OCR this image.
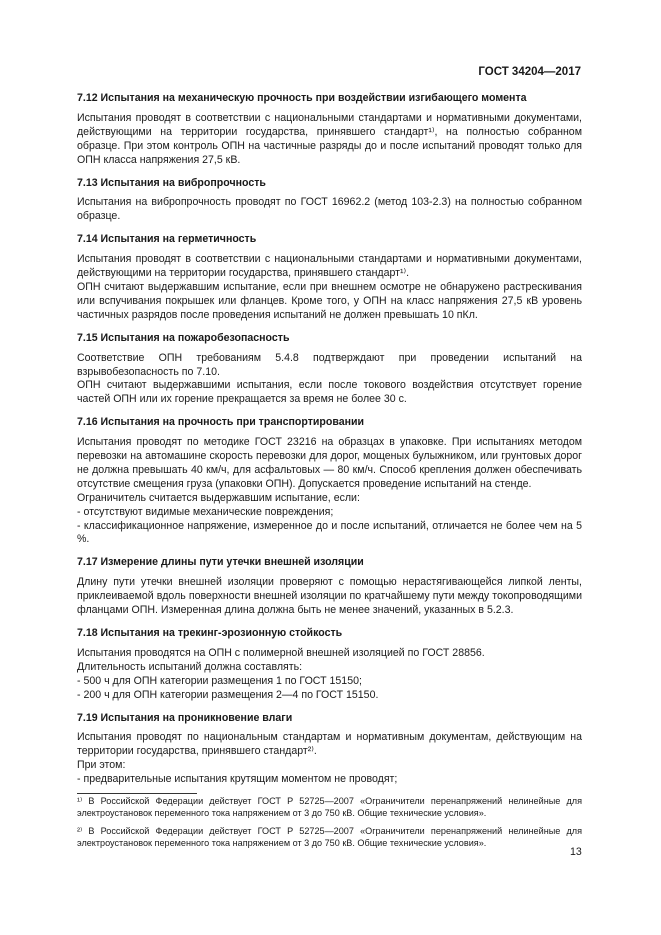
ГОСТ 34204—2017
7.12 Испытания на механическую прочность при воздействии изгибающего момента

Испытания проводят в соответствии с национальными стандартами и нормативными документами, действующими на территории государства, принявшего стандарт¹⁾, на полностью собранном образце. При этом контроль ОПН на частичные разряды до и после испытаний проводят только для ОПН класса напряжения 27,5 кВ.

7.13 Испытания на вибропрочность

Испытания на вибропрочность проводят по ГОСТ 16962.2 (метод 103-2.3) на полностью собранном образце.

7.14 Испытания на герметичность

Испытания проводят в соответствии с национальными стандартами и нормативными документами, действующими на территории государства, принявшего стандарт¹⁾.

ОПН считают выдержавшим испытание, если при внешнем осмотре не обнаружено растрескивания или вспучивания покрышек или фланцев. Кроме того, у ОПН на класс напряжения 27,5 кВ уровень частичных разрядов после проведения испытаний не должен превышать 10 пКл.

7.15 Испытания на пожаробезопасность

Соответствие ОПН требованиям 5.4.8 подтверждают при проведении испытаний на взрывобезопасность по 7.10.

ОПН считают выдержавшими испытания, если после токового воздействия отсутствует горение частей ОПН или их горение прекращается за время не более 30 с.

7.16 Испытания на прочность при транспортировании

Испытания проводят по методике ГОСТ 23216 на образцах в упаковке. При испытаниях методом перевозки на автомашине скорость перевозки для дорог, мощеных булыжником, или грунтовых дорог не должна превышать 40 км/ч, для асфальтовых — 80 км/ч. Способ крепления должен обеспечивать отсутствие смещения груза (упаковки ОПН). Допускается проведение испытаний на стенде.

Ограничитель считается выдержавшим испытание, если:

- отсутствуют видимые механические повреждения;

- классификационное напряжение, измеренное до и после испытаний, отличается не более чем на 5 %.

7.17 Измерение длины пути утечки внешней изоляции

Длину пути утечки внешней изоляции проверяют с помощью нерастягивающейся липкой ленты, приклеиваемой вдоль поверхности внешней изоляции по кратчайшему пути между токопроводящими фланцами ОПН. Измеренная длина должна быть не менее значений, указанных в 5.2.3.

7.18 Испытания на трекинг-эрозионную стойкость

Испытания проводятся на ОПН с полимерной внешней изоляцией по ГОСТ 28856.

Длительность испытаний должна составлять:

- 500 ч для ОПН категории размещения 1 по ГОСТ 15150;

- 200 ч для ОПН категории размещения 2—4 по ГОСТ 15150.

7.19 Испытания на проникновение влаги

Испытания проводят по национальным стандартам и нормативным документам, действующим на территории государства, принявшего стандарт²⁾.

При этом:

- предварительные испытания крутящим моментом не проводят;

¹⁾ В Российской Федерации действует ГОСТ Р 52725—2007 «Ограничители перенапряжений нелинейные для электроустановок переменного тока напряжением от 3 до 750 кВ. Общие технические условия».

²⁾ В Российской Федерации действует ГОСТ Р 52725—2007 «Ограничители перенапряжений нелинейные для электроустановок переменного тока напряжением от 3 до 750 кВ. Общие технические условия».

13
